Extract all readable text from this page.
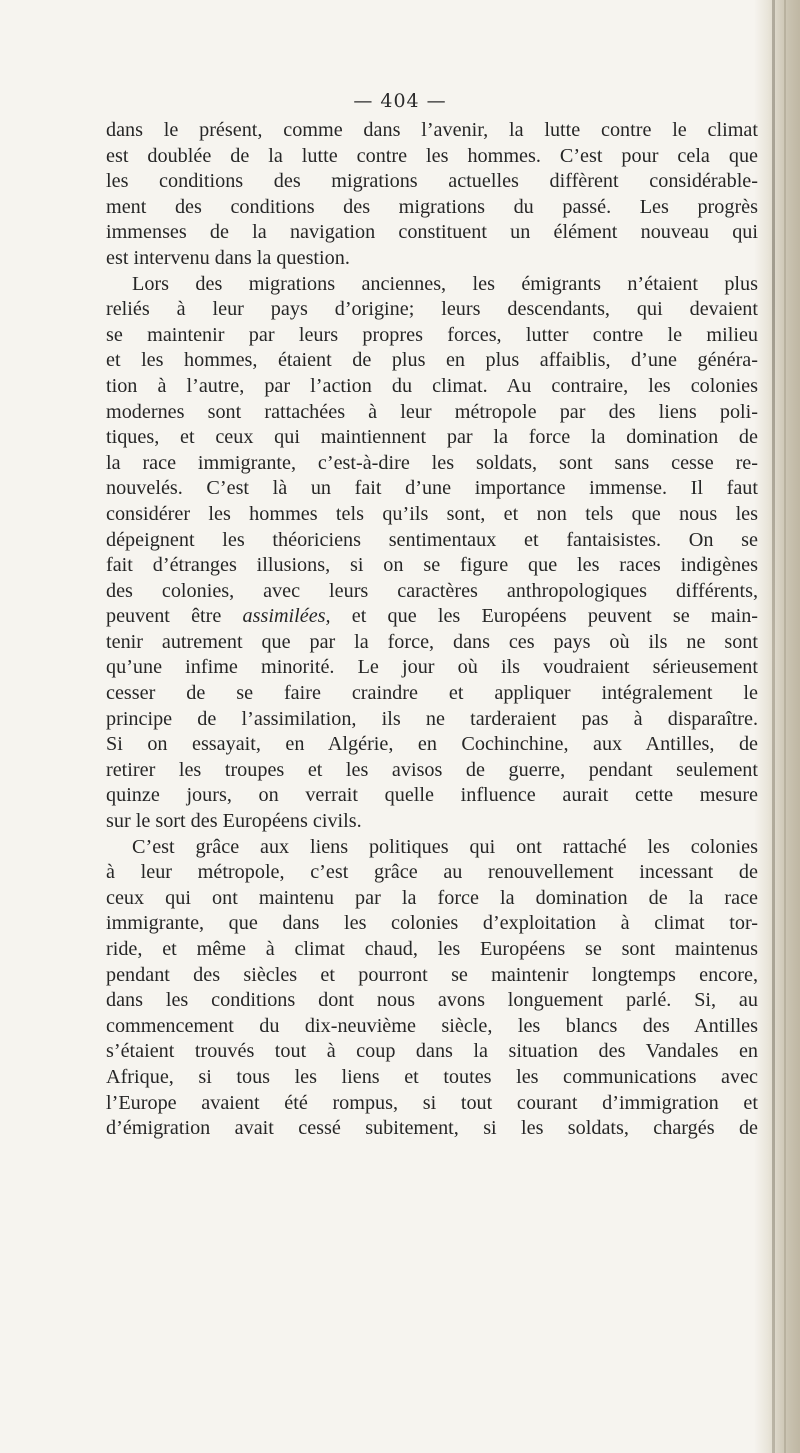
— 404 —
dans le présent, comme dans l’avenir, la lutte contre le climat
est doublée de la lutte contre les hommes. C’est pour cela que
les conditions des migrations actuelles diffèrent considérable-
ment des conditions des migrations du passé. Les progrès
immenses de la navigation constituent un élément nouveau qui
est intervenu dans la question.
Lors des migrations anciennes, les émigrants n’étaient plus
reliés à leur pays d’origine; leurs descendants, qui devaient
se maintenir par leurs propres forces, lutter contre le milieu
et les hommes, étaient de plus en plus affaiblis, d’une généra-
tion à l’autre, par l’action du climat. Au contraire, les colonies
modernes sont rattachées à leur métropole par des liens poli-
tiques, et ceux qui maintiennent par la force la domination de
la race immigrante, c’est-à-dire les soldats, sont sans cesse re-
nouvelés. C’est là un fait d’une importance immense. Il faut
considérer les hommes tels qu’ils sont, et non tels que nous les
dépeignent les théoriciens sentimentaux et fantaisistes. On se
fait d’étranges illusions, si on se figure que les races indigènes
des colonies, avec leurs caractères anthropologiques différents,
peuvent être assimilées, et que les Européens peuvent se main-
tenir autrement que par la force, dans ces pays où ils ne sont
qu’une infime minorité. Le jour où ils voudraient sérieusement
cesser de se faire craindre et appliquer intégralement le
principe de l’assimilation, ils ne tarderaient pas à disparaître.
Si on essayait, en Algérie, en Cochinchine, aux Antilles, de
retirer les troupes et les avisos de guerre, pendant seulement
quinze jours, on verrait quelle influence aurait cette mesure
sur le sort des Européens civils.
C’est grâce aux liens politiques qui ont rattaché les colonies
à leur métropole, c’est grâce au renouvellement incessant de
ceux qui ont maintenu par la force la domination de la race
immigrante, que dans les colonies d’exploitation à climat tor-
ride, et même à climat chaud, les Européens se sont maintenus
pendant des siècles et pourront se maintenir longtemps encore,
dans les conditions dont nous avons longuement parlé. Si, au
commencement du dix-neuvième siècle, les blancs des Antilles
s’étaient trouvés tout à coup dans la situation des Vandales en
Afrique, si tous les liens et toutes les communications avec
l’Europe avaient été rompus, si tout courant d’immigration et
d’émigration avait cessé subitement, si les soldats, chargés de
